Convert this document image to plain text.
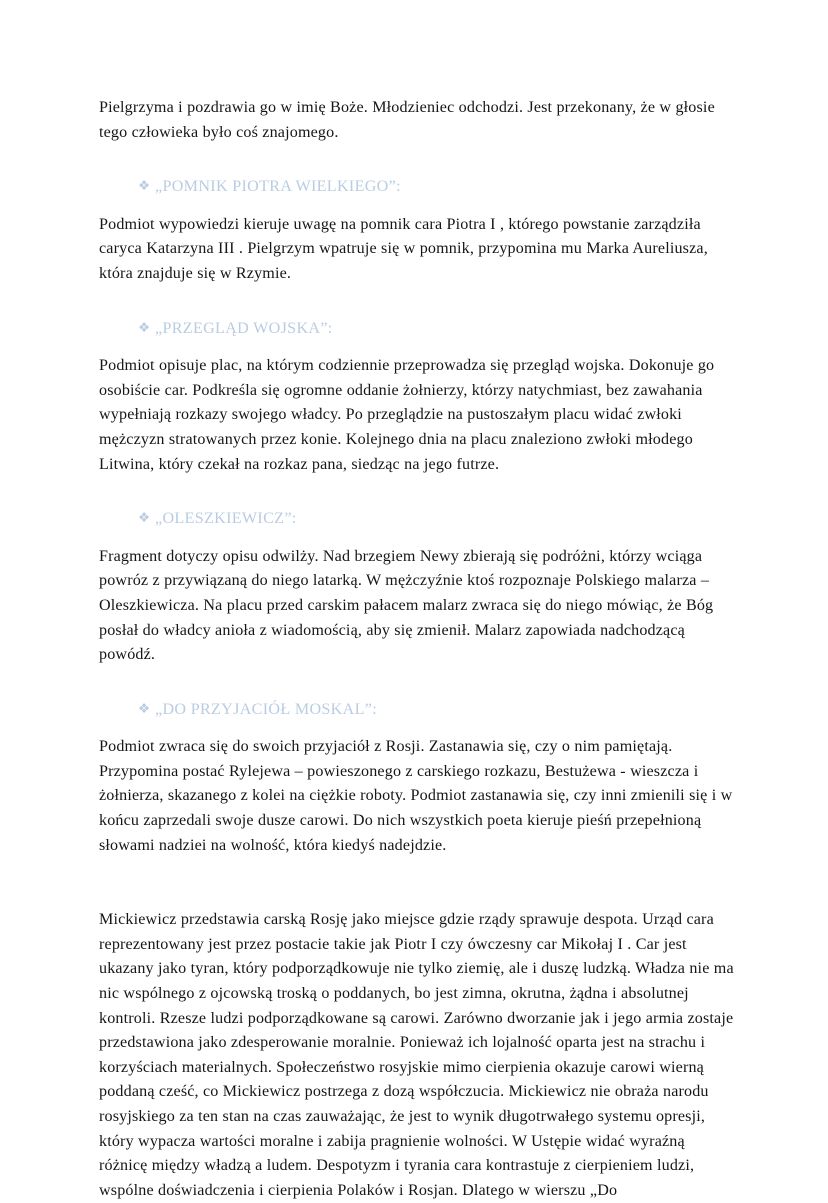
Pielgrzyma i pozdrawia go w imię Boże. Młodzieniec odchodzi. Jest przekonany, że w głosie tego człowieka było coś znajomego.

❖ „POMNIK PIOTRA WIELKIEGO”:

Podmiot wypowiedzi kieruje uwagę na pomnik cara Piotra I , którego powstanie zarządziła caryca Katarzyna III . Pielgrzym wpatruje się w pomnik, przypomina mu Marka Aureliusza, która znajduje się w Rzymie.

❖ „PRZEGLĄD WOJSKA”:

Podmiot opisuje plac, na którym codziennie przeprowadza się przegląd wojska. Dokonuje go osobiście car. Podkreśla się ogromne oddanie żołnierzy, którzy natychmiast, bez zawahania wypełniają rozkazy swojego władcy. Po przeglądzie na pustoszałym placu widać zwłoki mężczyzn stratowanych przez konie. Kolejnego dnia na placu znaleziono zwłoki młodego Litwina, który czekał na rozkaz pana, siedząc na jego futrze.

❖ „OLESZKIEWICZ”:

Fragment dotyczy opisu odwilży. Nad brzegiem Newy zbierają się podróżni, którzy wciąga powróz z przywiązaną do niego latarką. W mężczyźnie ktoś rozpoznaje Polskiego malarza – Oleszkiewicza. Na placu przed carskim pałacem malarz zwraca się do niego mówiąc, że Bóg posłał do władcy anioła z wiadomością, aby się zmienił. Malarz zapowiada nadchodzącą powódź.

❖ „DO PRZYJACIÓŁ MOSKAL”:

Podmiot zwraca się do swoich przyjaciół z Rosji. Zastanawia się, czy o nim pamiętają. Przypomina postać Rylejewa – powieszonego z carskiego rozkazu, Bestużewa - wieszcza i żołnierza, skazanego z kolei na ciężkie roboty. Podmiot zastanawia się, czy inni zmienili się i w końcu zaprzedali swoje dusze carowi. Do nich wszystkich poeta kieruje pieśń przepełnioną słowami nadziei na wolność, która kiedyś nadejdzie.

Mickiewicz przedstawia carską Rosję jako miejsce gdzie rządy sprawuje despota. Urząd cara reprezentowany jest przez postacie takie jak Piotr I czy ówczesny car Mikołaj I . Car jest ukazany jako tyran, który podporządkowuje nie tylko ziemię, ale i duszę ludzką. Władza nie ma nic wspólnego z ojcowską troską o poddanych, bo jest zimna, okrutna, żądna i absolutnej kontroli. Rzesze ludzi podporządkowane są carowi. Zarówno dworzanie jak i jego armia zostaje przedstawiona jako zdesperowanie moralnie. Ponieważ ich lojalność oparta jest na strachu i korzyściach materialnych. Społeczeństwo rosyjskie mimo cierpienia okazuje carowi wierną poddaną cześć, co Mickiewicz postrzega z dozą współczucia. Mickiewicz nie obraża narodu rosyjskiego za ten stan na czas zauważając, że jest to wynik długotrwałego systemu opresji, który wypacza wartości moralne i zabija pragnienie wolności. W Ustępie widać wyraźną różnicę między władzą a ludem. Despotyzm i tyrania cara kontrastuje z cierpieniem ludzi, wspólne doświadczenia i cierpienia Polaków i Rosjan. Dlatego w wierszu „Do
